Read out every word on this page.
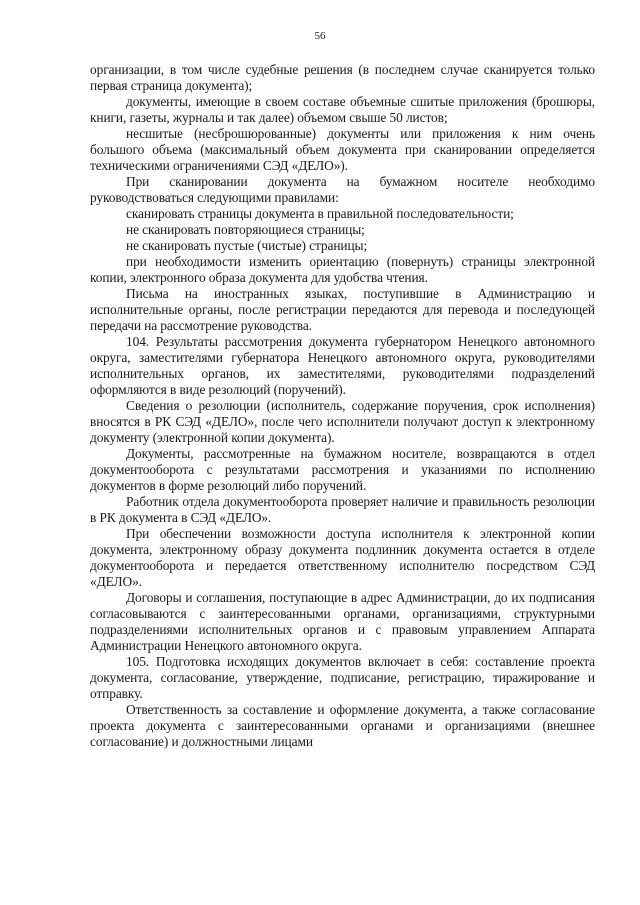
56

организации, в том числе судебные решения (в последнем случае сканируется только первая страница документа);

документы, имеющие в своем составе объемные сшитые приложения (брошюры, книги, газеты, журналы и так далее) объемом свыше 50 листов;

несшитые (несброшюрованные) документы или приложения к ним очень большого объема (максимальный объем документа при сканировании определяется техническими ограничениями СЭД «ДЕЛО»).

При сканировании документа на бумажном носителе необходимо руководствоваться следующими правилами:

сканировать страницы документа в правильной последовательности;

не сканировать повторяющиеся страницы;

не сканировать пустые (чистые) страницы;

при необходимости изменить ориентацию (повернуть) страницы электронной копии, электронного образа документа для удобства чтения.

Письма на иностранных языках, поступившие в Администрацию и исполнительные органы, после регистрации передаются для перевода и последующей передачи на рассмотрение руководства.

104. Результаты рассмотрения документа губернатором Ненецкого автономного округа, заместителями губернатора Ненецкого автономного округа, руководителями исполнительных органов, их заместителями, руководителями подразделений оформляются в виде резолюций (поручений).

Сведения о резолюции (исполнитель, содержание поручения, срок исполнения) вносятся в РК СЭД «ДЕЛО», после чего исполнители получают доступ к электронному документу (электронной копии документа).

Документы, рассмотренные на бумажном носителе, возвращаются в отдел документооборота с результатами рассмотрения и указаниями по исполнению документов в форме резолюций либо поручений.

Работник отдела документооборота проверяет наличие и правильность резолюции в РК документа в СЭД «ДЕЛО».

При обеспечении возможности доступа исполнителя к электронной копии документа, электронному образу документа подлинник документа остается в отделе документооборота и передается ответственному исполнителю посредством СЭД «ДЕЛО».

Договоры и соглашения, поступающие в адрес Администрации, до их подписания согласовываются с заинтересованными органами, организациями, структурными подразделениями исполнительных органов и с правовым управлением Аппарата Администрации Ненецкого автономного округа.

105. Подготовка исходящих документов включает в себя: составление проекта документа, согласование, утверждение, подписание, регистрацию, тиражирование и отправку.

Ответственность за составление и оформление документа, а также согласование проекта документа с заинтересованными органами и организациями (внешнее согласование) и должностными лицами
